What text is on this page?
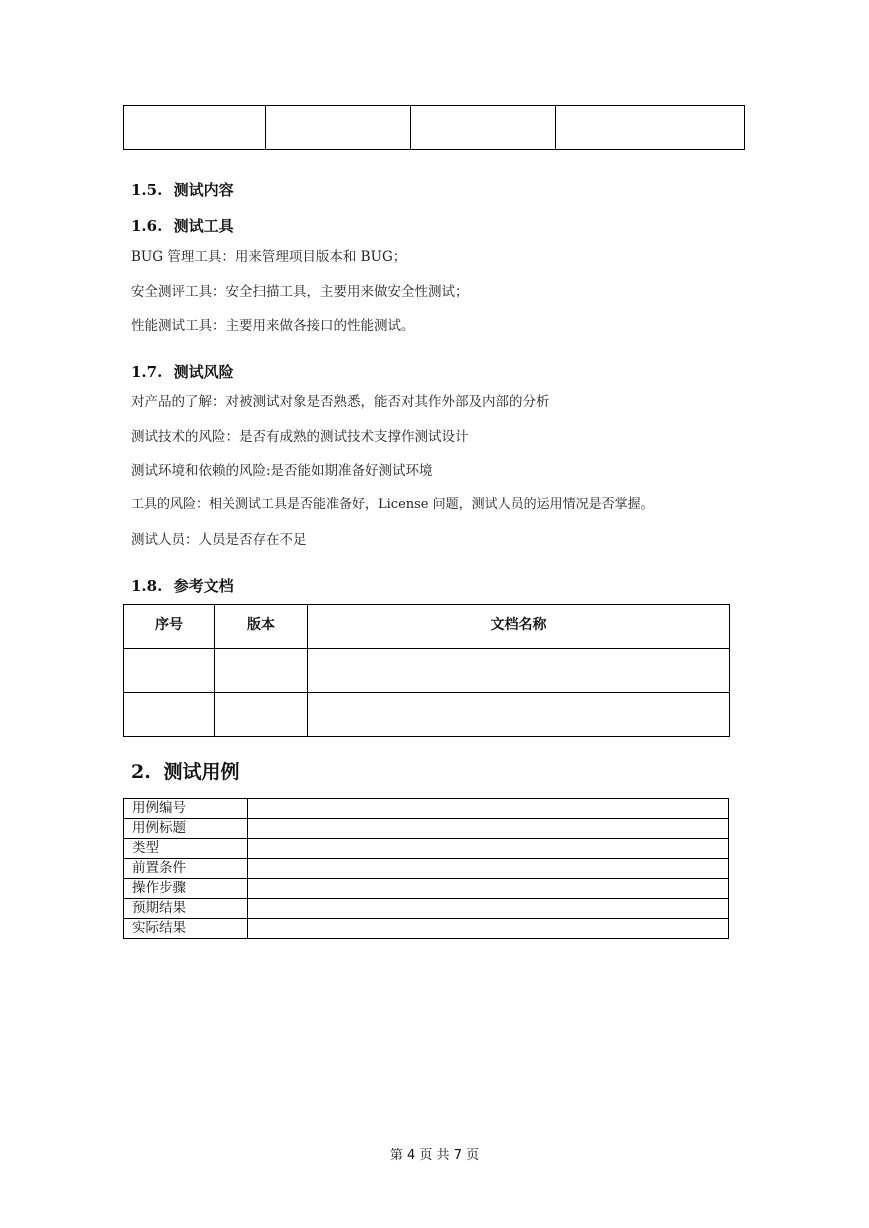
1.5. 测试内容
1.6. 测试工具
BUG 管理工具：用来管理项目版本和 BUG；
安全测评工具：安全扫描工具，主要用来做安全性测试；
性能测试工具：主要用来做各接口的性能测试。
1.7. 测试风险
对产品的了解：对被测试对象是否熟悉，能否对其作外部及内部的分析
测试技术的风险：是否有成熟的测试技术支撑作测试设计
测试环境和依赖的风险:是否能如期准备好测试环境
工具的风险：相关测试工具是否能准备好，License 问题，测试人员的运用情况是否掌握。
测试人员：人员是否存在不足
1.8. 参考文档
序号	版本	文档名称

2. 测试用例
用例编号	
用例标题	
类型	
前置条件	
操作步骤	
预期结果	
实际结果	
第 4 页 共 7 页
